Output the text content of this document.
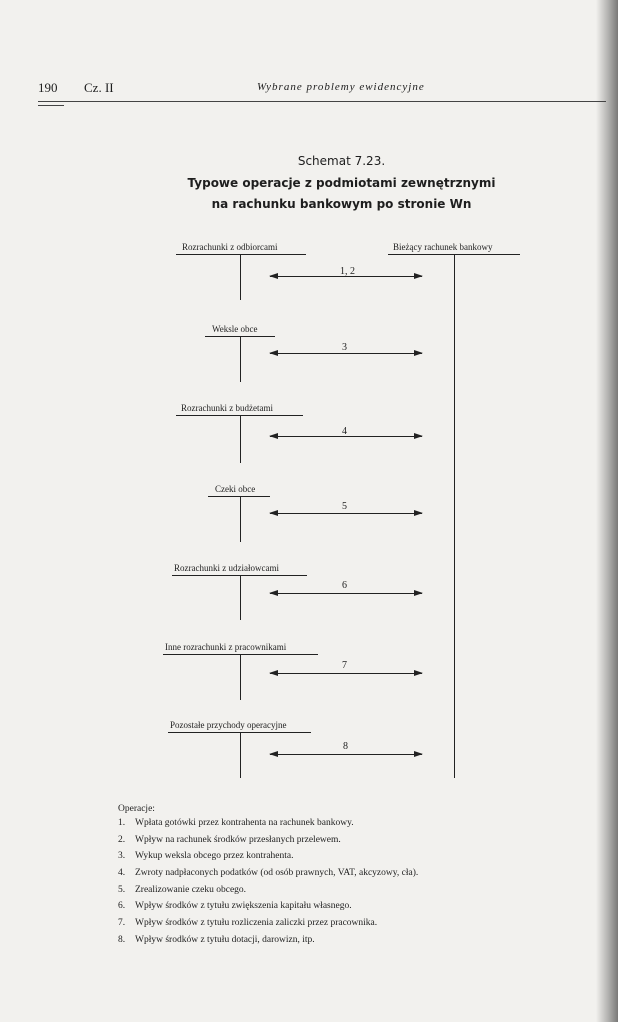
190 Cz. II	Wybrane problemy ewidencyjne
Schemat 7.23.
Typowe operacje z podmiotami zewnętrznymi
na rachunku bankowym po stronie Wn
Bieżący rachunek bankowy
Rozrachunki z odbiorcami
1, 2
Weksle obce
3
Rozrachunki z budżetami
4
Czeki obce
5
Rozrachunki z udziałowcami
6
Inne rozrachunki z pracownikami
7
Pozostałe przychody operacyjne
8
Operacje:
1. Wpłata gotówki przez kontrahenta na rachunek bankowy.
2. Wpływ na rachunek środków przesłanych przelewem.
3. Wykup weksla obcego przez kontrahenta.
4. Zwroty nadpłaconych podatków (od osób prawnych, VAT, akcyzowy, cła).
5. Zrealizowanie czeku obcego.
6. Wpływ środków z tytułu zwiększenia kapitału własnego.
7. Wpływ środków z tytułu rozliczenia zaliczki przez pracownika.
8. Wpływ środków z tytułu dotacji, darowizn, itp.
